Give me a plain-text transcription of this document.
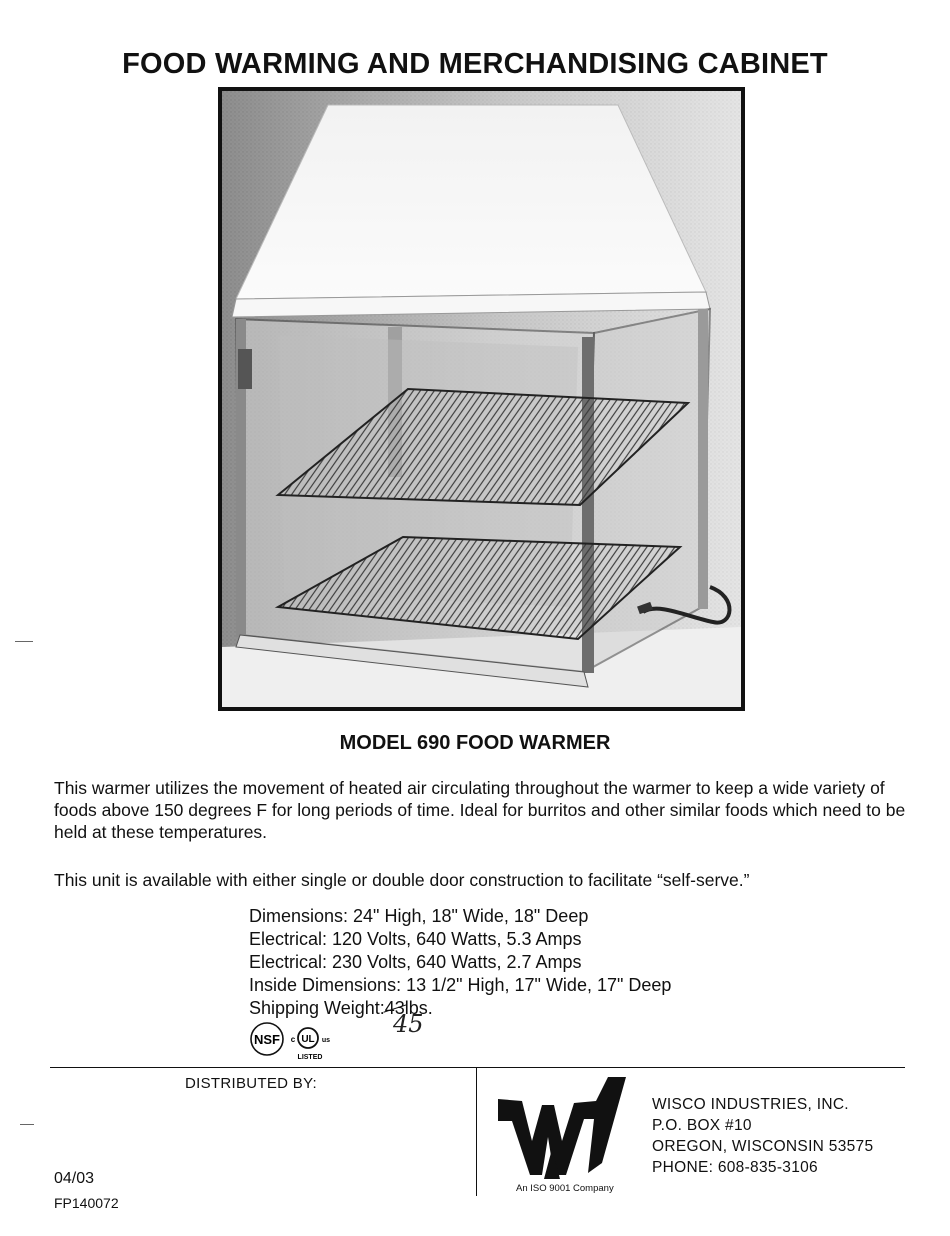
FOOD WARMING AND MERCHANDISING CABINET
MODEL 690 FOOD WARMER
This warmer utilizes the movement of heated air circulating throughout the warmer to keep a wide variety of foods above 150 degrees F for long periods of time. Ideal for burritos and other similar foods which need to be held at these temperatures.
This unit is available with either single or double door construction to facilitate “self-serve.”
Dimensions: 24" High, 18" Wide, 18" Deep
Electrical: 120 Volts, 640 Watts, 5.3 Amps
Electrical: 230 Volts, 640 Watts, 2.7 Amps
Inside Dimensions: 13 1/2" High, 17" Wide, 17" Deep
Shipping Weight:43lbs.
45
NSF c UL us
LISTED
DISTRIBUTED BY:
04/03
FP140072
An ISO 9001 Company
WISCO INDUSTRIES, INC.
P.O. BOX #10
OREGON, WISCONSIN 53575
PHONE: 608-835-3106
